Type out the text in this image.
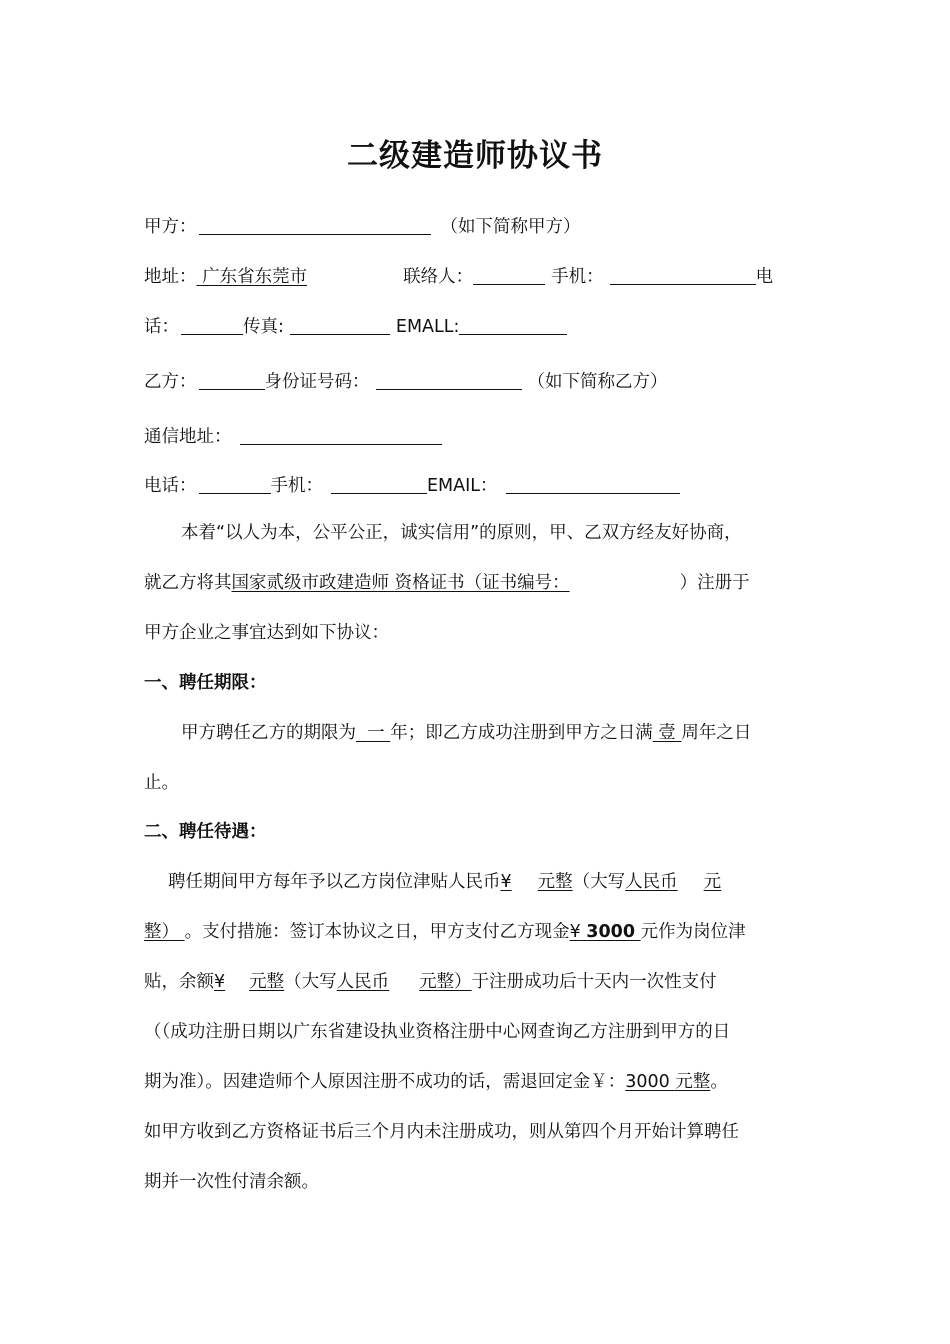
二级建造师协议书
甲方：	（如下简称甲方）
地址： 广东省东莞市	联络人：	手机：	电
话：	传真:	EMALL:
乙方：	身份证号码：	（如下简称乙方）
通信地址：
电话：	手机：	EMAIL：
本着“以人为本，公平公正，诚实信用”的原则，甲、乙双方经友好协商，
就乙方将其国家贰级市政建造师 资格证书（证书编号：	）注册于
甲方企业之事宜达到如下协议：
一、聘任期限：
甲方聘任乙方的期限为 一 年；即乙方成功注册到甲方之日满 壹 周年之日
止。
二、聘任待遇：
聘任期间甲方每年予以乙方岗位津贴人民币¥ 元整（大写人民币 元
整） 。支付措施：签订本协议之日，甲方支付乙方现金¥ 3000 元作为岗位津
贴，余额¥ 元整（大写人民币 元整）于注册成功后十天内一次性支付
（（成功注册日期以广东省建设执业资格注册中心网查询乙方注册到甲方的日
期为准）。因建造师个人原因注册不成功的话，需退回定金￥：3000 元整。
如甲方收到乙方资格证书后三个月内未注册成功，则从第四个月开始计算聘任
期并一次性付清余额。
